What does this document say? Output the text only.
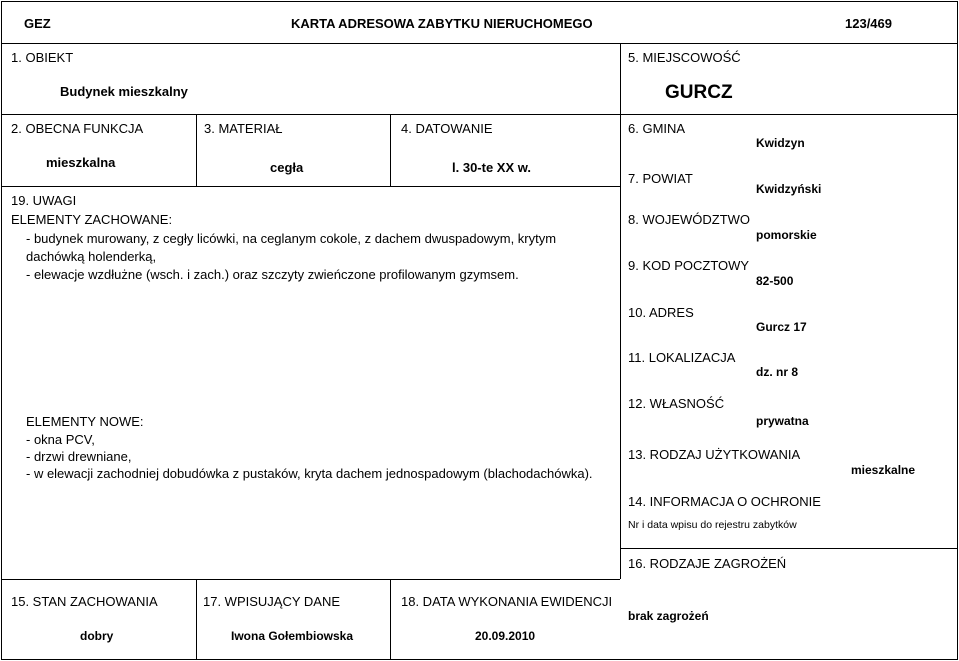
GEZ	KARTA ADRESOWA ZABYTKU NIERUCHOMEGO	123/469
1. OBIEKT
Budynek mieszkalny
5. MIEJSCOWOŚĆ
GURCZ
2. OBECNA FUNKCJA
mieszkalna
3. MATERIAŁ
cegła
4. DATOWANIE
l. 30-te XX w.
6. GMINA
Kwidzyn
7. POWIAT
Kwidzyński
8. WOJEWÓDZTWO
pomorskie
9. KOD POCZTOWY
82-500
10. ADRES
Gurcz 17
11. LOKALIZACJA
dz. nr 8
12. WŁASNOŚĆ
prywatna
13. RODZAJ UŻYTKOWANIA
mieszkalne
14. INFORMACJA O OCHRONIE
Nr i data wpisu do rejestru zabytków
16. RODZAJE ZAGROŻEŃ
brak zagrożeń
19. UWAGI
ELEMENTY ZACHOWANE:
- budynek murowany, z cegły licówki, na ceglanym cokole, z dachem dwuspadowym, krytym
dachówką holenderką,
- elewacje wzdłużne (wsch. i zach.) oraz szczyty zwieńczone profilowanym gzymsem.
ELEMENTY NOWE:
- okna PCV,
- drzwi drewniane,
- w elewacji zachodniej dobudówka z pustaków, kryta dachem jednospadowym (blachodachówka).
15. STAN ZACHOWANIA
dobry
17. WPISUJĄCY DANE
Iwona Gołembiowska
18. DATA WYKONANIA EWIDENCJI
20.09.2010
